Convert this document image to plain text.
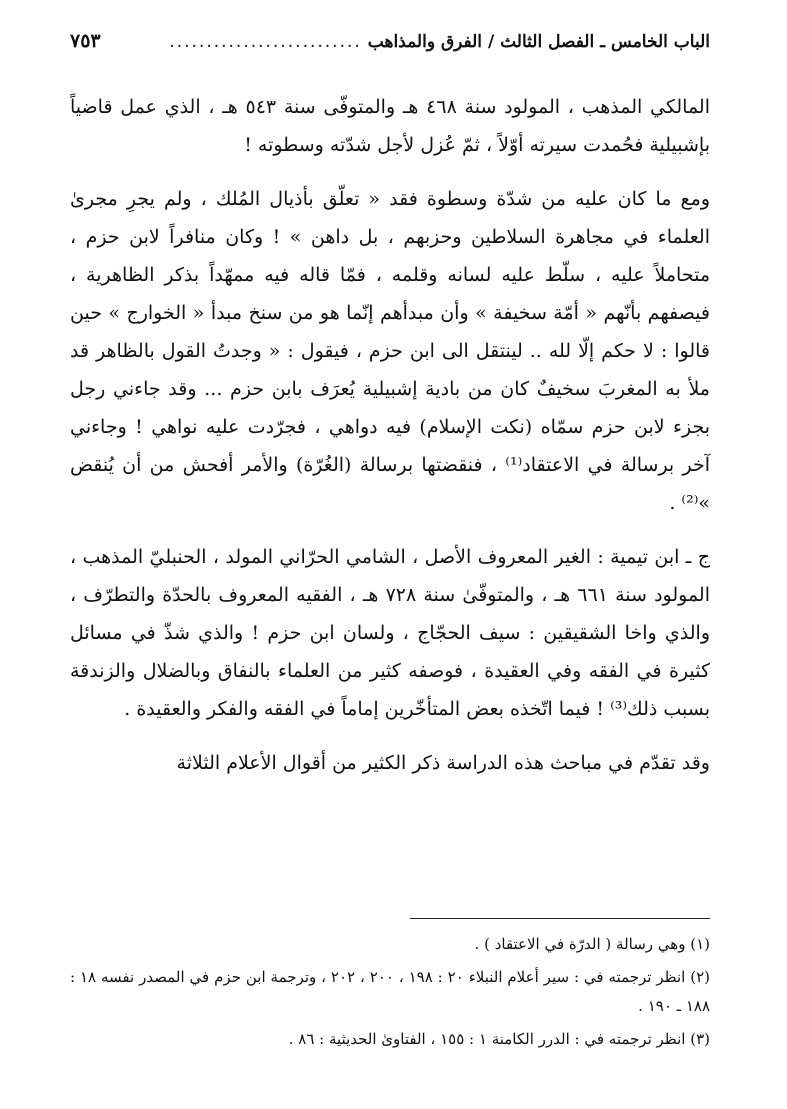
الباب الخامس ـ الفصل الثالث / الفرق والمذاهب
..........................
٧٥٣

المالكي المذهب ، المولود سنة ٤٦٨ هـ والمتوفّى سنة ٥٤٣ هـ ، الذي عمل قاضياً بإشبيلية فحُمدت سيرته أوّلاً ، ثمّ عُزل لأجل شدّته وسطوته !

ومع ما كان عليه من شدّة وسطوة فقد « تعلّق بأذيال المُلك ، ولم يجرِ مجرىٰ العلماء في مجاهرة السلاطين وحزبهم ، بل داهن » ! وكان منافراً لابن حزم ، متحاملاً عليه ، سلّط عليه لسانه وقلمه ، فمّا قاله فيه ممهّداً بذكر الظاهرية ، فيصفهم بأنّهم « أمّة سخيفة » وأن مبدأهم إنّما هو من سنخ مبدأ « الخوارج » حين قالوا : لا حكم إلّا لله .. لينتقل الى ابن حزم ، فيقول : « وجدتُ القول بالظاهر قد ملأ به المغربَ سخيفٌ كان من بادية إشبيلية يُعرَف بابن حزم ... وقد جاءني رجل بجزء لابن حزم سمّاه (نكت الإسلام) فيه دواهي ، فجرّدت عليه نواهي ! وجاءني آخر برسالة في الاعتقاد⁽¹⁾ ، فنقضتها برسالة (الغُرّة) والأمر أفحش من أن يُنقض »⁽²⁾ .

ج ـ ابن تيمية : الغير المعروف الأصل ، الشامي الحرّاني المولد ، الحنبليّ المذهب ، المولود سنة ٦٦١ هـ ، والمتوفّىٰ سنة ٧٢٨ هـ ، الفقيه المعروف بالحدّة والتطرّف ، والذي واخا الشقيقين : سيف الحجّاج ، ولسان ابن حزم ! والذي شذّ في مسائل كثيرة في الفقه وفي العقيدة ، فوصفه كثير من العلماء بالنفاق وبالضلال والزندقة بسبب ذلك⁽³⁾ ! فيما اتّخذه بعض المتأخّرين إماماً في الفقه والفكر والعقيدة .

وقد تقدّم في مباحث هذه الدراسة ذكر الكثير من أقوال الأعلام الثلاثة

(١) وهي رسالة ( الدرّة في الاعتقاد ) .
(٢) انظر ترجمته في : سير أعلام النبلاء ٢٠ : ١٩٨ ، ٢٠٠ ، ٢٠٢ ، وترجمة ابن حزم في المصدر نفسه ١٨ : ١٨٨ ـ ١٩٠ .
(٣) انظر ترجمته في : الدرر الكامنة ١ : ١٥٥ ، الفتاوىٰ الحديثية : ٨٦ .
